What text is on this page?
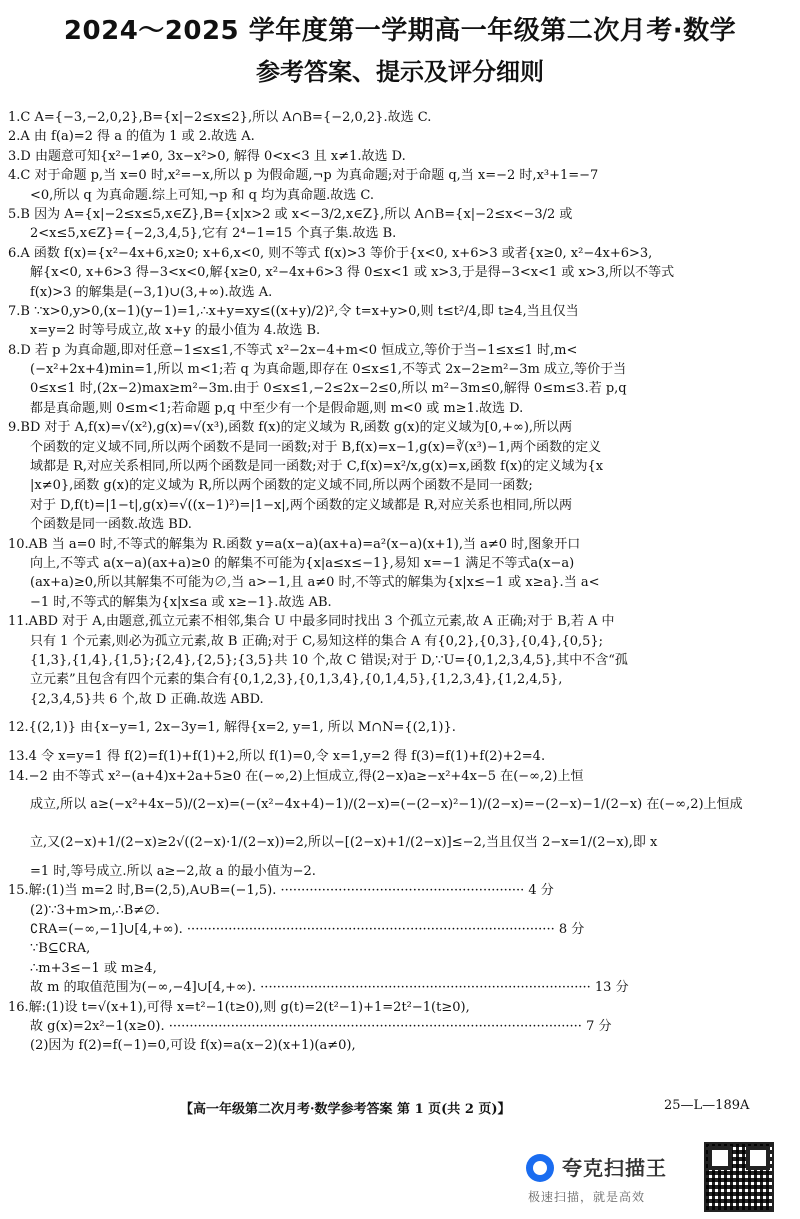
2024～2025 学年度第一学期高一年级第二次月考·数学
参考答案、提示及评分细则
1.C A={−3,−2,0,2},B={x|−2≤x≤2},所以 A∩B={−2,0,2}.故选 C.
2.A 由 f(a)=2 得 a 的值为 1 或 2.故选 A.
3.D 由题意可知{x²−1≠0, 3x−x²>0, 解得 0<x<3 且 x≠1.故选 D.
4.C 对于命题 p,当 x=0 时,x²=−x,所以 p 为假命题,¬p 为真命题;对于命题 q,当 x=−2 时,x³+1=−7
<0,所以 q 为真命题.综上可知,¬p 和 q 均为真命题.故选 C.
5.B 因为 A={x|−2≤x≤5,x∈Z},B={x|x>2 或 x<−3/2,x∈Z},所以 A∩B={x|−2≤x<−3/2 或
2<x≤5,x∈Z}={−2,3,4,5},它有 2⁴−1=15 个真子集.故选 B.
6.A 函数 f(x)={x²−4x+6,x≥0; x+6,x<0, 则不等式 f(x)>3 等价于{x<0, x+6>3 或者{x≥0, x²−4x+6>3,
解{x<0, x+6>3 得−3<x<0,解{x≥0, x²−4x+6>3 得 0≤x<1 或 x>3,于是得−3<x<1 或 x>3,所以不等式
f(x)>3 的解集是(−3,1)∪(3,+∞).故选 A.
7.B ∵x>0,y>0,(x−1)(y−1)=1,∴x+y=xy≤((x+y)/2)²,令 t=x+y>0,则 t≤t²/4,即 t≥4,当且仅当
x=y=2 时等号成立,故 x+y 的最小值为 4.故选 B.
8.D 若 p 为真命题,即对任意−1≤x≤1,不等式 x²−2x−4+m<0 恒成立,等价于当−1≤x≤1 时,m<
(−x²+2x+4)min=1,所以 m<1;若 q 为真命题,即存在 0≤x≤1,不等式 2x−2≥m²−3m 成立,等价于当
0≤x≤1 时,(2x−2)max≥m²−3m.由于 0≤x≤1,−2≤2x−2≤0,所以 m²−3m≤0,解得 0≤m≤3.若 p,q
都是真命题,则 0≤m<1;若命题 p,q 中至少有一个是假命题,则 m<0 或 m≥1.故选 D.
9.BD 对于 A,f(x)=√(x²),g(x)=√(x³),函数 f(x)的定义域为 R,函数 g(x)的定义域为[0,+∞),所以两
个函数的定义域不同,所以两个函数不是同一函数;对于 B,f(x)=x−1,g(x)=∛(x³)−1,两个函数的定义
域都是 R,对应关系相同,所以两个函数是同一函数;对于 C,f(x)=x²/x,g(x)=x,函数 f(x)的定义域为{x
|x≠0},函数 g(x)的定义域为 R,所以两个函数的定义域不同,所以两个函数不是同一函数;
对于 D,f(t)=|1−t|,g(x)=√((x−1)²)=|1−x|,两个函数的定义域都是 R,对应关系也相同,所以两
个函数是同一函数.故选 BD.
10.AB 当 a=0 时,不等式的解集为 R.函数 y=a(x−a)(ax+a)=a²(x−a)(x+1),当 a≠0 时,图象开口
向上,不等式 a(x−a)(ax+a)≥0 的解集不可能为{x|a≤x≤−1},易知 x=−1 满足不等式a(x−a)
(ax+a)≥0,所以其解集不可能为∅,当 a>−1,且 a≠0 时,不等式的解集为{x|x≤−1 或 x≥a}.当 a<
−1 时,不等式的解集为{x|x≤a 或 x≥−1}.故选 AB.
11.ABD 对于 A,由题意,孤立元素不相邻,集合 U 中最多同时找出 3 个孤立元素,故 A 正确;对于 B,若 A 中
只有 1 个元素,则必为孤立元素,故 B 正确;对于 C,易知这样的集合 A 有{0,2},{0,3},{0,4},{0,5};
{1,3},{1,4},{1,5};{2,4},{2,5};{3,5}共 10 个,故 C 错误;对于 D,∵U={0,1,2,3,4,5},其中不含“孤
立元素”且包含有四个元素的集合有{0,1,2,3},{0,1,3,4},{0,1,4,5},{1,2,3,4},{1,2,4,5},
{2,3,4,5}共 6 个,故 D 正确.故选 ABD.
12.{(2,1)} 由{x−y=1, 2x−3y=1, 解得{x=2, y=1, 所以 M∩N={(2,1)}.
13.4 令 x=y=1 得 f(2)=f(1)+f(1)+2,所以 f(1)=0,令 x=1,y=2 得 f(3)=f(1)+f(2)+2=4.
14.−2 由不等式 x²−(a+4)x+2a+5≥0 在(−∞,2)上恒成立,得(2−x)a≥−x²+4x−5 在(−∞,2)上恒
成立,所以 a≥(−x²+4x−5)/(2−x)=(−(x²−4x+4)−1)/(2−x)=(−(2−x)²−1)/(2−x)=−(2−x)−1/(2−x) 在(−∞,2)上恒成
立,又(2−x)+1/(2−x)≥2√((2−x)·1/(2−x))=2,所以−[(2−x)+1/(2−x)]≤−2,当且仅当 2−x=1/(2−x),即 x
=1 时,等号成立.所以 a≥−2,故 a 的最小值为−2.
15.解:(1)当 m=2 时,B=(2,5),A∪B=(−1,5). ··························································· 4 分
(2)∵3+m>m,∴B≠∅.
∁RA=(−∞,−1]∪[4,+∞). ························································································· 8 分
∵B⊆∁RA,
∴m+3≤−1 或 m≥4,
故 m 的取值范围为(−∞,−4]∪[4,+∞). ················································································ 13 分
16.解:(1)设 t=√(x+1),可得 x=t²−1(t≥0),则 g(t)=2(t²−1)+1=2t²−1(t≥0),
故 g(x)=2x²−1(x≥0). ···································································································· 7 分
(2)因为 f(2)=f(−1)=0,可设 f(x)=a(x−2)(x+1)(a≠0),
【高一年级第二次月考·数学参考答案 第 1 页(共 2 页)】	25—L—189A
夸克扫描王
极速扫描，就是高效
